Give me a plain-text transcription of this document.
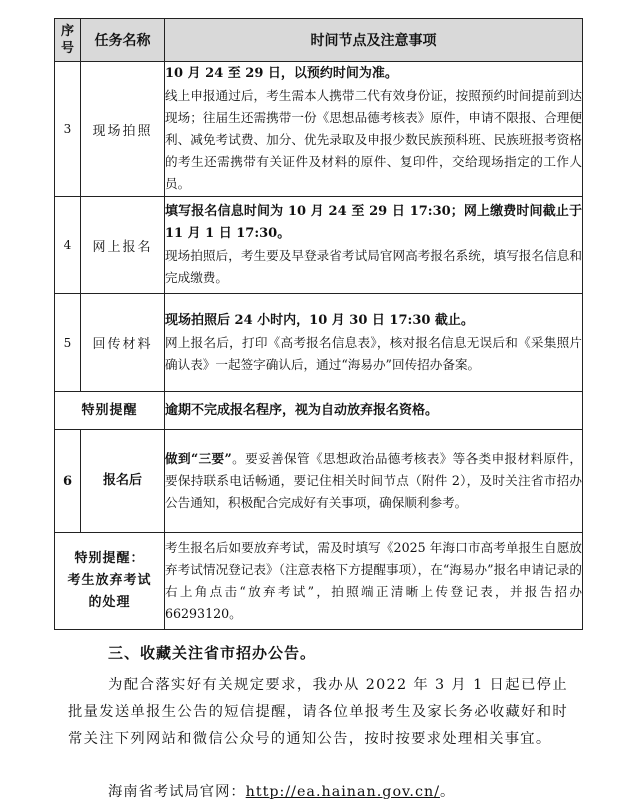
序
号	任务名称	时间节点及注意事项
3	现场拍照	10 月 24 至 29 日，以预约时间为准。
线上申报通过后，考生需本人携带二代有效身份证，按照预约时间提前到达现场；往届生还需携带一份《思想品德考核表》原件，申请不限报、合理便利、减免考试费、加分、优先录取及申报少数民族预科班、民族班报考资格的考生还需携带有关证件及材料的原件、复印件，交给现场指定的工作人员。

4	网上报名	填写报名信息时间为 10 月 24 至 29 日 17:30；网上缴费时间截止于 11 月 1 日 17:30。
现场拍照后，考生要及早登录省考试局官网高考报名系统，填写报名信息和完成缴费。

5	回传材料	现场拍照后 24 小时内，10 月 30 日 17:30 截止。
网上报名后，打印《高考报名信息表》，核对报名信息无误后和《采集照片确认表》一起签字确认后，通过“海易办”回传招办备案。

特别提醒		逾期不完成报名程序，视为自动放弃报名资格。

6	报名后	做到“三要”。要妥善保管《思想政治品德考核表》等各类申报材料原件，要保持联系电话畅通，要记住相关时间节点（附件 2），及时关注省市招办公告通知，积极配合完成好有关事项，确保顺利参考。

特别提醒：
考生放弃考试
的处理		考生报名后如要放弃考试，需及时填写《2025 年海口市高考单报生自愿放弃考试情况登记表》（注意表格下方提醒事项），在“海易办”报名申请记录的右上角点击“放弃考试”，拍照端正清晰上传登记表，并报告招办 66293120。
三、收藏关注省市招办公告。
为配合落实好有关规定要求，我办从 2022 年 3 月 1 日起已停止批量发送单报生公告的短信提醒，请各位单报考生及家长务必收藏好和时常关注下列网站和微信公众号的通知公告，按时按要求处理相关事宜。
海南省考试局官网：http://ea.hainan.gov.cn/。
